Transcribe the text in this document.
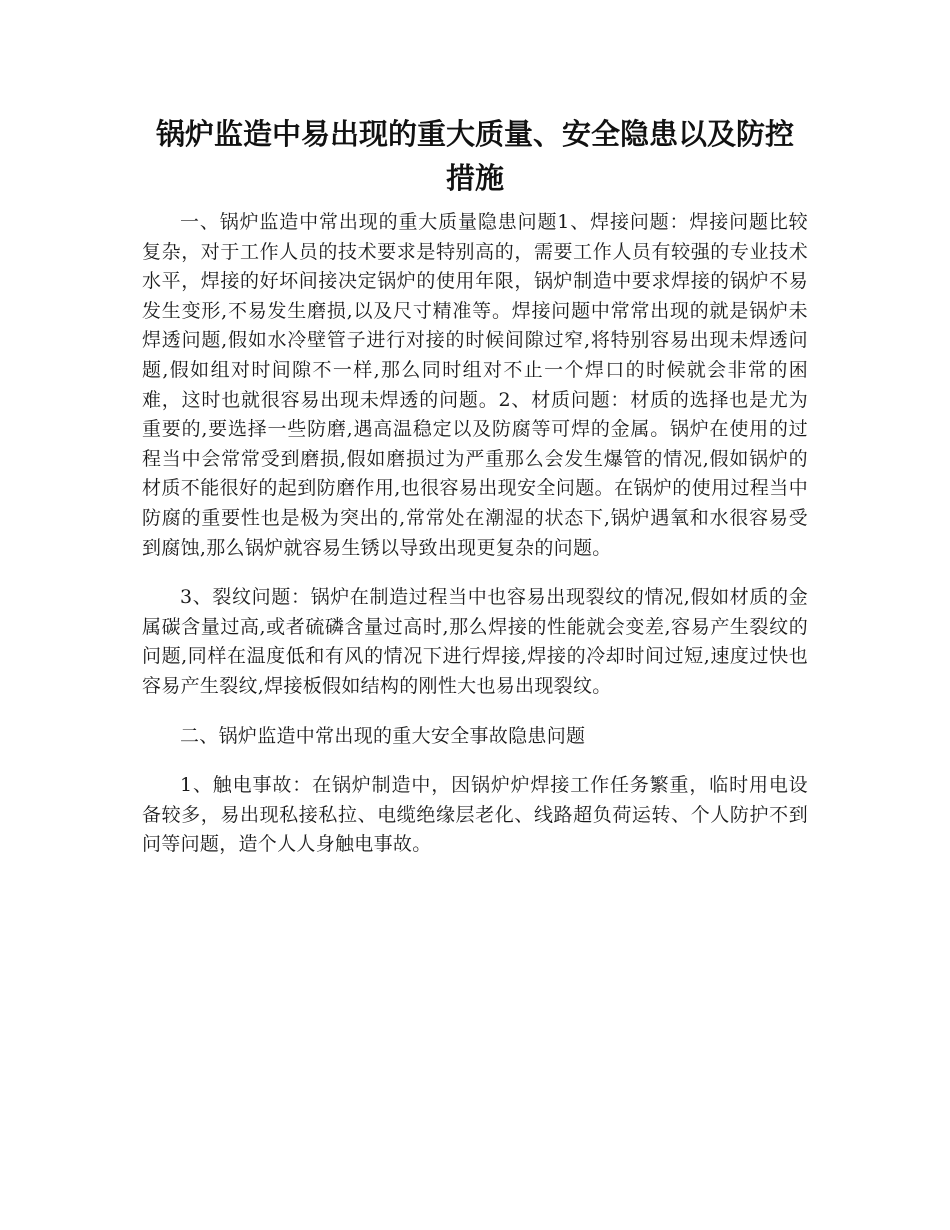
锅炉监造中易出现的重大质量、安全隐患以及防控措施

一、锅炉监造中常出现的重大质量隐患问题1、焊接问题：焊接问题比较复杂，对于工作人员的技术要求是特别高的，需要工作人员有较强的专业技术水平，焊接的好坏间接决定锅炉的使用年限，锅炉制造中要求焊接的锅炉不易发生变形,不易发生磨损,以及尺寸精准等。焊接问题中常常出现的就是锅炉未焊透问题,假如水冷壁管子进行对接的时候间隙过窄,将特别容易出现未焊透问题,假如组对时间隙不一样,那么同时组对不止一个焊口的时候就会非常的困难，这时也就很容易出现未焊透的问题。2、材质问题：材质的选择也是尤为重要的,要选择一些防磨,遇高温稳定以及防腐等可焊的金属。锅炉在使用的过程当中会常常受到磨损,假如磨损过为严重那么会发生爆管的情况,假如锅炉的材质不能很好的起到防磨作用,也很容易出现安全问题。在锅炉的使用过程当中防腐的重要性也是极为突出的,常常处在潮湿的状态下,锅炉遇氧和水很容易受到腐蚀,那么锅炉就容易生锈以导致出现更复杂的问题。

3、裂纹问题：锅炉在制造过程当中也容易出现裂纹的情况,假如材质的金属碳含量过高,或者硫磷含量过高时,那么焊接的性能就会变差,容易产生裂纹的问题,同样在温度低和有风的情况下进行焊接,焊接的冷却时间过短,速度过快也容易产生裂纹,焊接板假如结构的刚性大也易出现裂纹。

二、锅炉监造中常出现的重大安全事故隐患问题

1、触电事故：在锅炉制造中，因锅炉炉焊接工作任务繁重，临时用电设备较多，易出现私接私拉、电缆绝缘层老化、线路超负荷运转、个人防护不到问等问题，造个人人身触电事故。
